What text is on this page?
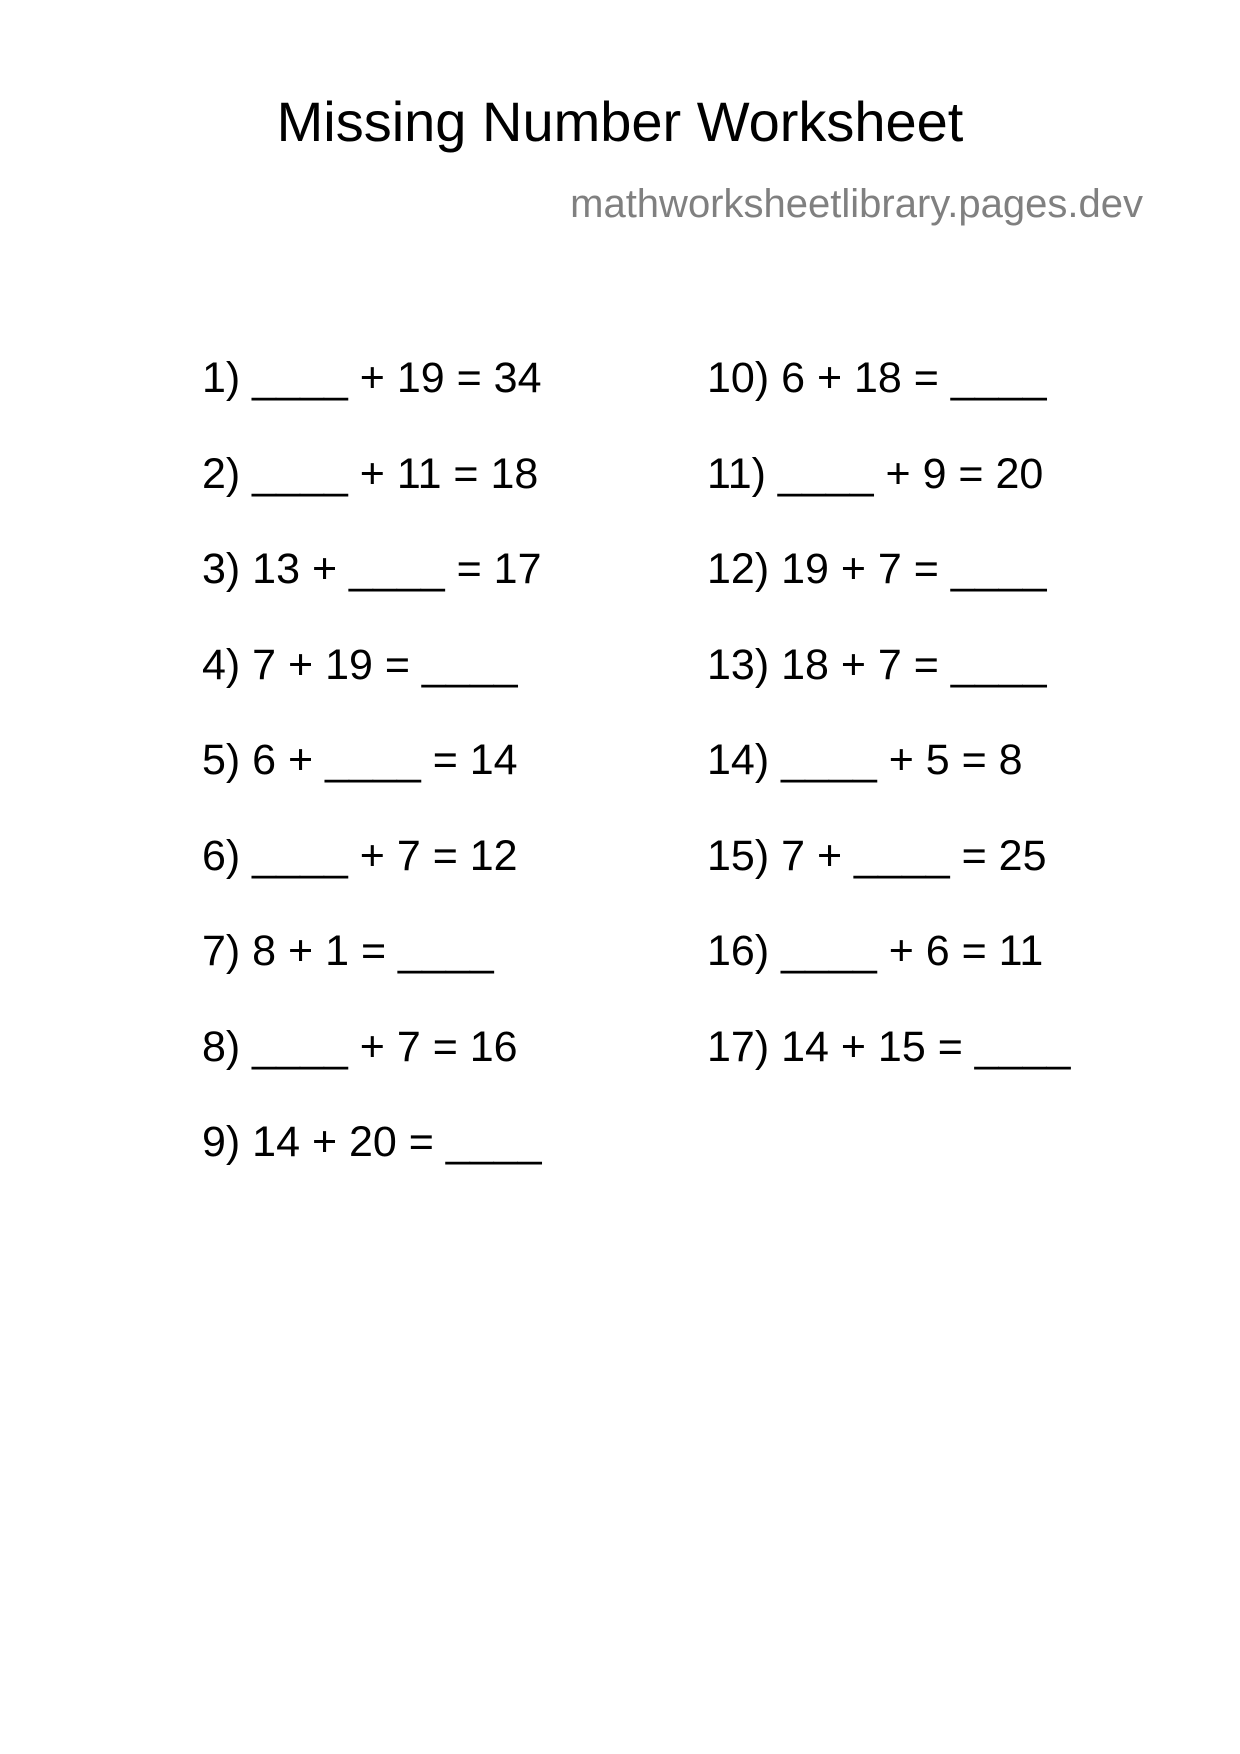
Missing Number Worksheet
mathworksheetlibrary.pages.dev
1) ____ + 19 = 34
2) ____ + 11 = 18
3) 13 + ____ = 17
4) 7 + 19 = ____
5) 6 + ____ = 14
6) ____ + 7 = 12
7) 8 + 1 = ____
8) ____ + 7 = 16
9) 14 + 20 = ____
10) 6 + 18 = ____
11) ____ + 9 = 20
12) 19 + 7 = ____
13) 18 + 7 = ____
14) ____ + 5 = 8
15) 7 + ____ = 25
16) ____ + 6 = 11
17) 14 + 15 = ____
